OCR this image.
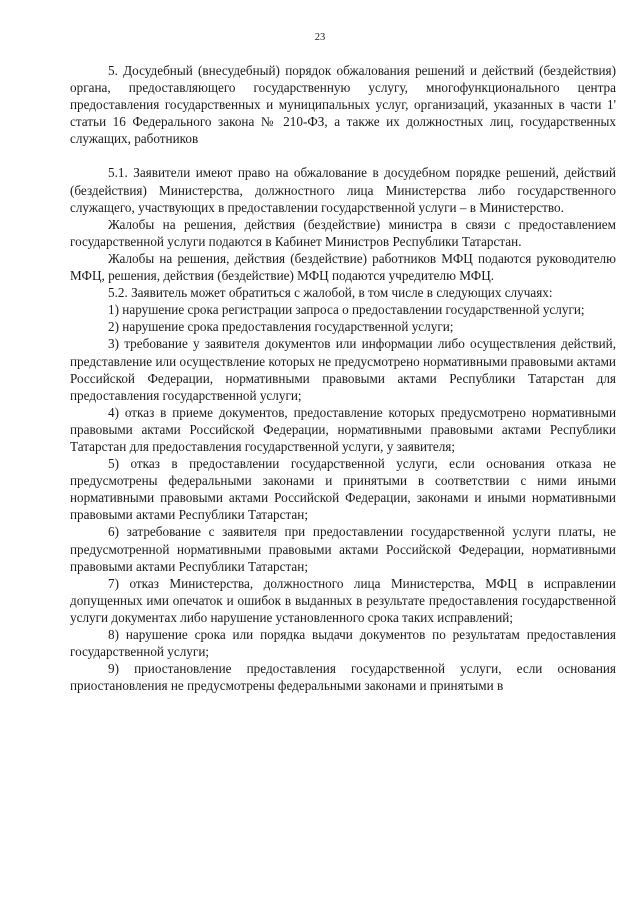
23

5. Досудебный (внесудебный) порядок обжалования решений и действий (бездействия) органа, предоставляющего государственную услугу, многофункционального центра предоставления государственных и муниципальных услуг, организаций, указанных в части 1' статьи 16 Федерального закона № 210-ФЗ, а также их должностных лиц, государственных служащих, работников

5.1. Заявители имеют право на обжалование в досудебном порядке решений, действий (бездействия) Министерства, должностного лица Министерства либо государственного служащего, участвующих в предоставлении государственной услуги – в Министерство.

Жалобы на решения, действия (бездействие) министра в связи с предоставлением государственной услуги подаются в Кабинет Министров Республики Татарстан.

Жалобы на решения, действия (бездействие) работников МФЦ подаются руководителю МФЦ, решения, действия (бездействие) МФЦ подаются учредителю МФЦ.

5.2. Заявитель может обратиться с жалобой, в том числе в следующих случаях:

1) нарушение срока регистрации запроса о предоставлении государственной услуги;

2) нарушение срока предоставления государственной услуги;

3) требование у заявителя документов или информации либо осуществления действий, представление или осуществление которых не предусмотрено нормативными правовыми актами Российской Федерации, нормативными правовыми актами Республики Татарстан для предоставления государственной услуги;

4) отказ в приеме документов, предоставление которых предусмотрено нормативными правовыми актами Российской Федерации, нормативными правовыми актами Республики Татарстан для предоставления государственной услуги, у заявителя;

5) отказ в предоставлении государственной услуги, если основания отказа не предусмотрены федеральными законами и принятыми в соответствии с ними иными нормативными правовыми актами Российской Федерации, законами и иными нормативными правовыми актами Республики Татарстан;

6) затребование с заявителя при предоставлении государственной услуги платы, не предусмотренной нормативными правовыми актами Российской Федерации, нормативными правовыми актами Республики Татарстан;

7) отказ Министерства, должностного лица Министерства, МФЦ в исправлении допущенных ими опечаток и ошибок в выданных в результате предоставления государственной услуги документах либо нарушение установленного срока таких исправлений;

8) нарушение срока или порядка выдачи документов по результатам предоставления государственной услуги;

9) приостановление предоставления государственной услуги, если основания приостановления не предусмотрены федеральными законами и принятыми в
